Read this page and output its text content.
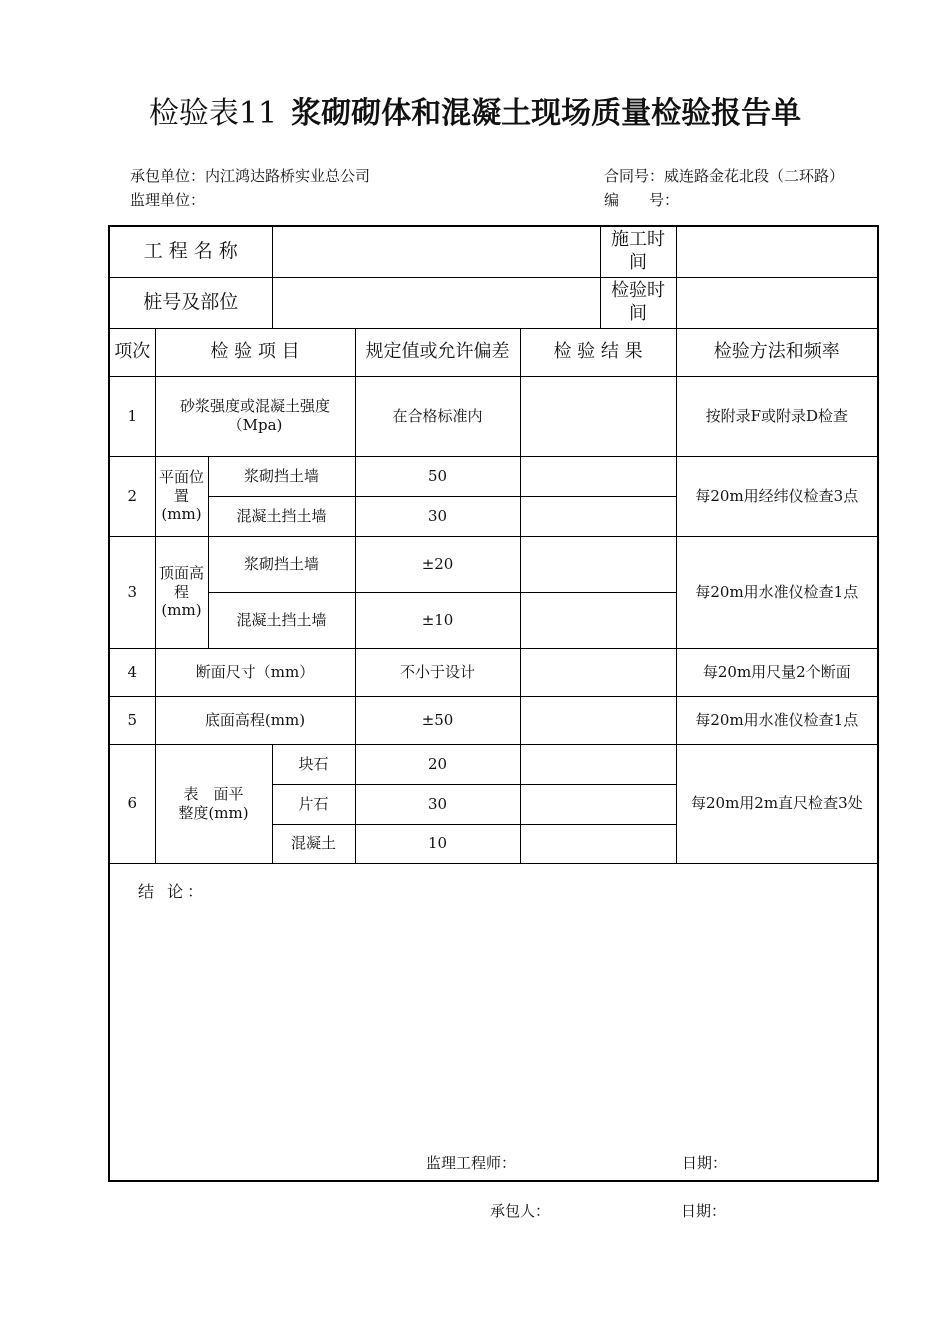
检验表11 浆砌砌体和混凝土现场质量检验报告单
承包单位：内江鸿达路桥实业总公司	合同号：威连路金花北段（二环路）
监理单位：	编　　号：
工 程 名 称						施工时间	
桩号及部位						检验时间	
项次	检 验 项 目			规定值或允许偏差	检 验 结 果		检验方法和频率
1	砂浆强度或混凝土强度（Mpa)			在合格标准内			按附录F或附录D检查
2	平面位置(mm)	浆砌挡土墙		50			每20m用经纬仪检查3点
		混凝土挡土墙		30			
3	顶面高程(mm)	浆砌挡土墙		±20			每20m用水准仪检查1点
		混凝土挡土墙		±10			
4	断面尺寸（mm）			不小于设计			每20m用尺量2个断面
5	底面高程(mm)			±50			每20m用水准仪检查1点
6	表　面平整度(mm)		块石	20			每20m用2m直尺检查3处
			片石	30			
			混凝土	10			

结 论：
监理工程师： 日期：							
承包人：	日期：
